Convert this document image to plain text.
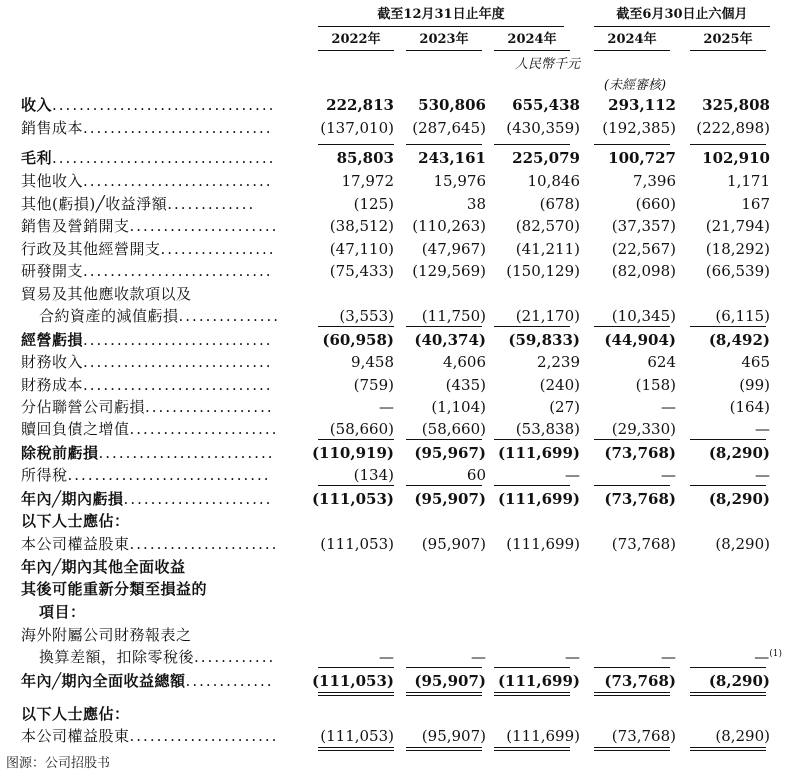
截至12月31日止年度	截至6月30日止六個月
2022年	2023年	2024年	2024年	2025年
人民幣千元
(未經審核)
收入.................................	222,813	530,806	655,438	293,112	325,808
銷售成本............................	(137,010)	(287,645)	(430,359)	(192,385)	(222,898)
毛利.................................	85,803	243,161	225,079	100,727	102,910
其他收入............................	17,972	15,976	10,846	7,396	1,171
其他(虧損)╱收益淨額.............	(125)	38	(678)	(660)	167
銷售及營銷開支......................	(38,512)	(110,263)	(82,570)	(37,357)	(21,794)
行政及其他經營開支.................	(47,110)	(47,967)	(41,211)	(22,567)	(18,292)
研發開支............................	(75,433)	(129,569)	(150,129)	(82,098)	(66,539)
貿易及其他應收款項以及
合約資產的減值虧損...............	(3,553)	(11,750)	(21,170)	(10,345)	(6,115)
經營虧損............................	(60,958)	(40,374)	(59,833)	(44,904)	(8,492)
財務收入............................	9,458	4,606	2,239	624	465
財務成本............................	(759)	(435)	(240)	(158)	(99)
分佔聯營公司虧損...................	—	(1,104)	(27)	—	(164)
贖回負債之增值......................	(58,660)	(58,660)	(53,838)	(29,330)	—
除稅前虧損..........................	(110,919)	(95,967) (111,699)	(73,768)	(8,290)
所得稅..............................	(134)	60	—	—	—
年內╱期內虧損......................	(111,053)	(95,907) (111,699)	(73,768)	(8,290)
以下人士應佔：
本公司權益股東......................	(111,053)	(95,907)	(111,699)	(73,768)	(8,290)
年內╱期內其他全面收益
其後可能重新分類至損益的
項目：
海外附屬公司財務報表之
換算差額，扣除零稅後............	—	—	—	—	—$^{(1)}$
年內╱期內全面收益總額.............	(111,053)	(95,907) (111,699)	(73,768)	(8,290)
以下人士應佔：
本公司權益股東......................	(111,053)	(95,907)	(111,699)	(73,768)	(8,290)
图源：公司招股书
